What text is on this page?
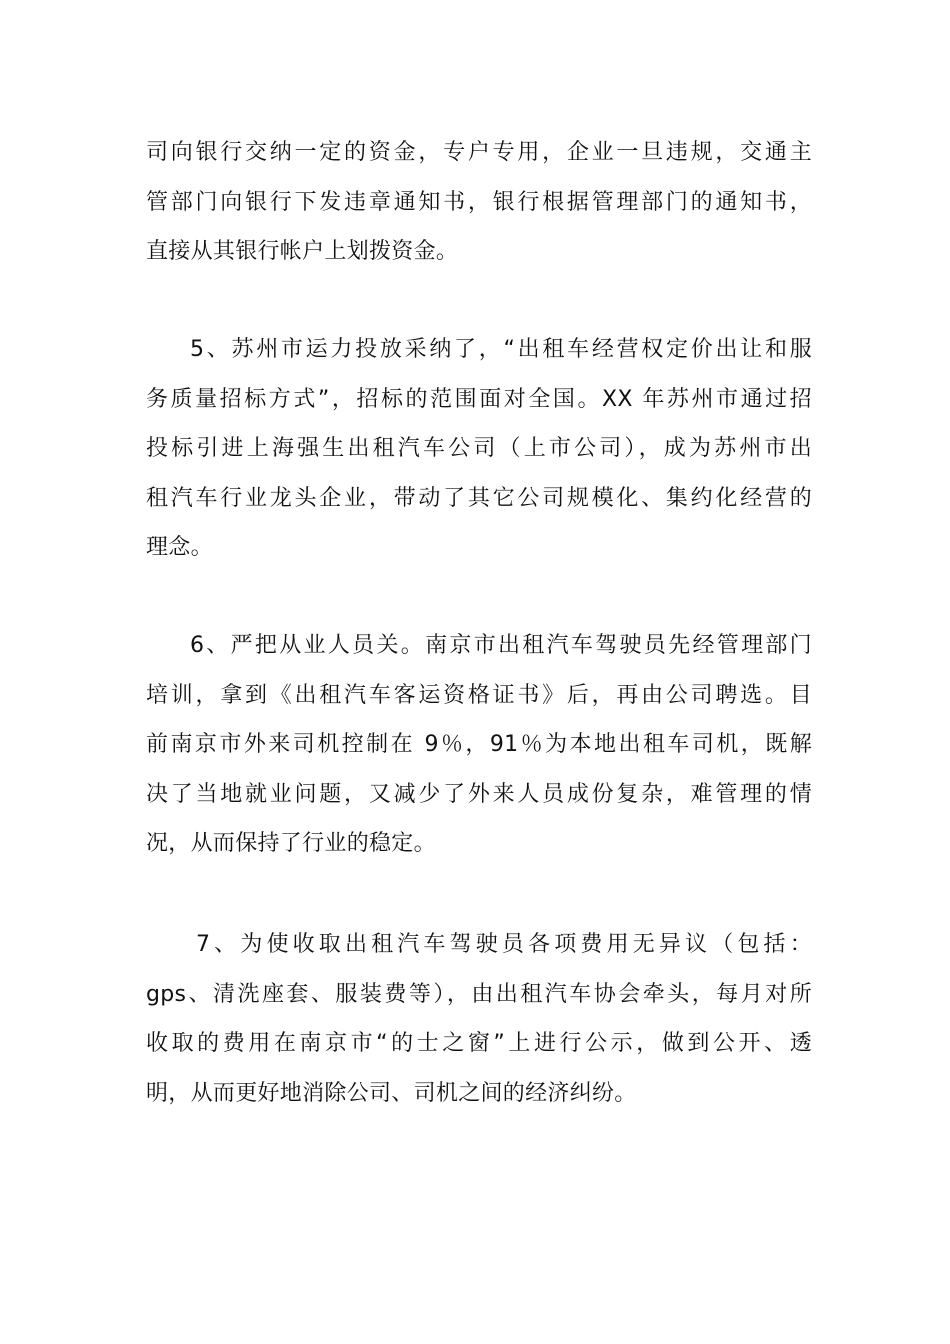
司向银行交纳一定的资金，专户专用，企业一旦违规，交通主
管部门向银行下发违章通知书，银行根据管理部门的通知书，
直接从其银行帐户上划拨资金。
5、苏州市运力投放采纳了，“出租车经营权定价出让和服
务质量招标方式”，招标的范围面对全国。XX 年苏州市通过招
投标引进上海强生出租汽车公司（上市公司），成为苏州市出
租汽车行业龙头企业，带动了其它公司规模化、集约化经营的
理念。
6、严把从业人员关。南京市出租汽车驾驶员先经管理部门
培训，拿到《出租汽车客运资格证书》后，再由公司聘选。目
前南京市外来司机控制在 9％，91％为本地出租车司机，既解
决了当地就业问题，又减少了外来人员成份复杂，难管理的情
况，从而保持了行业的稳定。
7、为使收取出租汽车驾驶员各项费用无异议（包括：
gps、清洗座套、服装费等），由出租汽车协会牵头，每月对所
收取的费用在南京市“的士之窗”上进行公示，做到公开、透
明，从而更好地消除公司、司机之间的经济纠纷。
